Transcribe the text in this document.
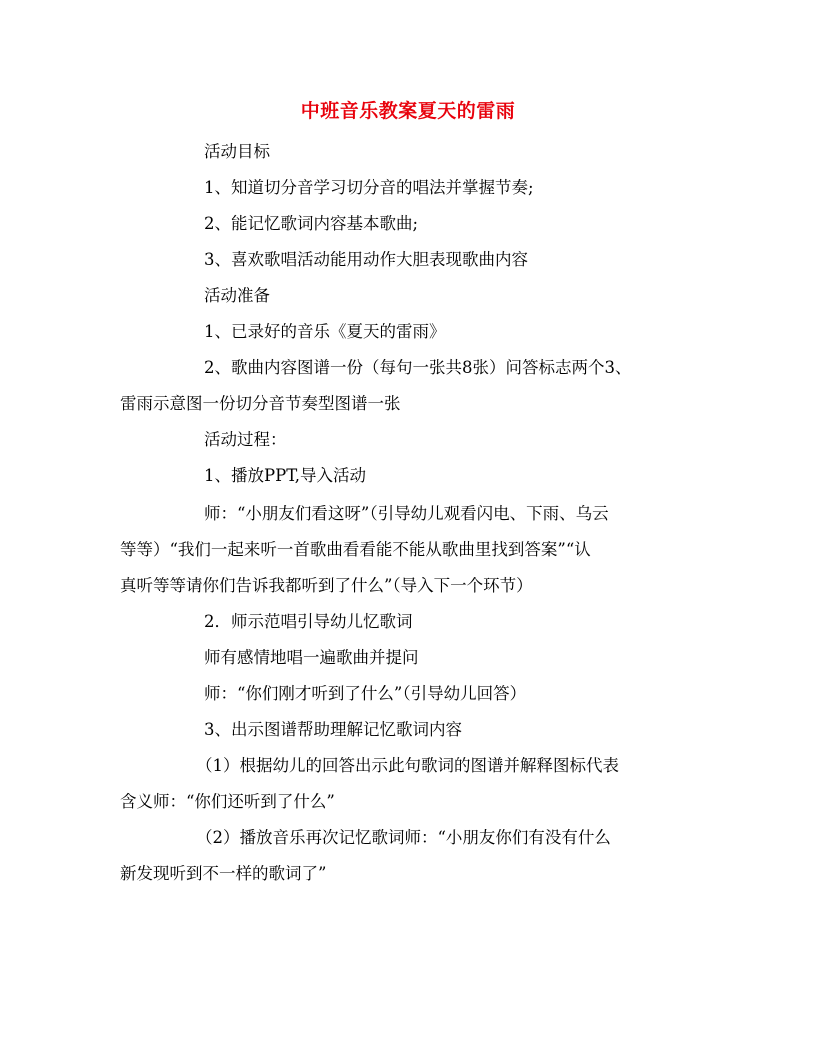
中班音乐教案夏天的雷雨
活动目标
1、知道切分音学习切分音的唱法并掌握节奏;
2、能记忆歌词内容基本歌曲;
3、喜欢歌唱活动能用动作大胆表现歌曲内容
活动准备
1、已录好的音乐《夏天的雷雨》
2、歌曲内容图谱一份（每句一张共8张）问答标志两个3、
雷雨示意图一份切分音节奏型图谱一张
活动过程：
1、播放PPT,导入活动
师：“小朋友们看这呀”（引导幼儿观看闪电、下雨、乌云
等等）“我们一起来听一首歌曲看看能不能从歌曲里找到答案”“认
真听等等请你们告诉我都听到了什么”（导入下一个环节）
2．师示范唱引导幼儿忆歌词
师有感情地唱一遍歌曲并提问
师：“你们刚才听到了什么”（引导幼儿回答）
3、出示图谱帮助理解记忆歌词内容
（1）根据幼儿的回答出示此句歌词的图谱并解释图标代表
含义师：“你们还听到了什么”
（2）播放音乐再次记忆歌词师：“小朋友你们有没有什么
新发现听到不一样的歌词了”
